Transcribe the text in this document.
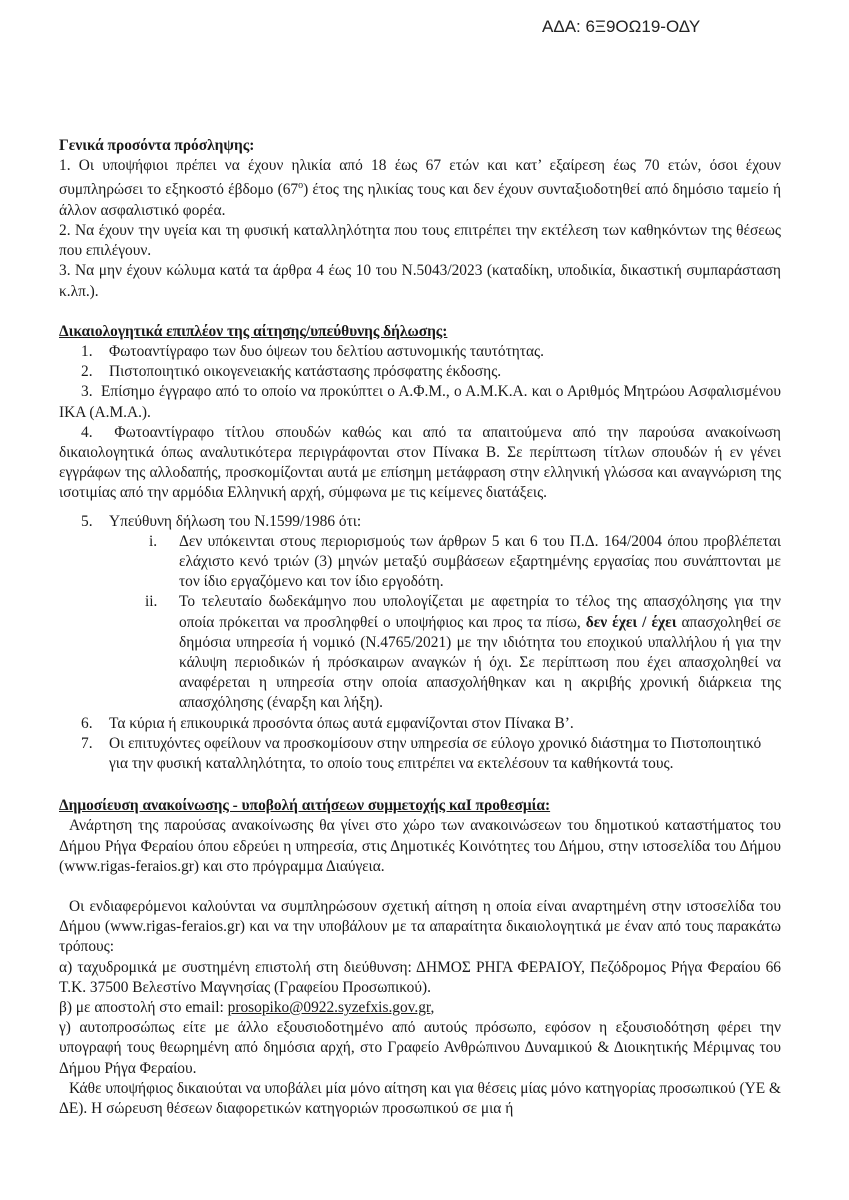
ΑΔΑ: 6Ξ9ΟΩ19-ΟΔΥ

Γενικά προσόντα πρόσληψης:

1. Οι υποψήφιοι πρέπει να έχουν ηλικία από 18 έως 67 ετών και κατ’ εξαίρεση έως 70 ετών, όσοι έχουν συμπληρώσει το εξηκοστό έβδομο $(67^o)$ έτος της ηλικίας τους και δεν έχουν συνταξιοδοτηθεί από δημόσιο ταμείο ή άλλον ασφαλιστικό φορέα.

2. Να έχουν την υγεία και τη φυσική καταλληλότητα που τους επιτρέπει την εκτέλεση των καθηκόντων της θέσεως που επιλέγουν.

3. Να μην έχουν κώλυμα κατά τα άρθρα 4 έως 10 του Ν.5043/2023 (καταδίκη, υποδικία, δικαστική συμπαράσταση κ.λπ.).

Δικαιολογητικά επιπλέον της αίτησης/υπεύθυνης δήλωσης:

1.	Φωτοαντίγραφο των δυο όψεων του δελτίου αστυνομικής ταυτότητας.
2.	Πιστοποιητικό οικογενειακής κατάστασης πρόσφατης έκδοσης.

3. Επίσημο έγγραφο από το οποίο να προκύπτει ο Α.Φ.Μ., ο Α.Μ.Κ.Α. και ο Αριθμός Μητρώου Ασφαλισμένου ΙΚΑ (Α.Μ.Α.).

4. Φωτοαντίγραφο τίτλου σπουδών καθώς και από τα απαιτούμενα από την παρούσα ανακοίνωση δικαιολογητικά όπως αναλυτικότερα περιγράφονται στον Πίνακα Β. Σε περίπτωση τίτλων σπουδών ή εν γένει εγγράφων της αλλοδαπής, προσκομίζονται αυτά με επίσημη μετάφραση στην ελληνική γλώσσα και αναγνώριση της ισοτιμίας από την αρμόδια Ελληνική αρχή, σύμφωνα με τις κείμενες διατάξεις.

5.	Υπεύθυνη δήλωση του Ν.1599/1986 ότι:
i.	Δεν υπόκεινται στους περιορισμούς των άρθρων 5 και 6 του Π.Δ. 164/2004 όπου προβλέπεται ελάχιστο κενό τριών (3) μηνών μεταξύ συμβάσεων εξαρτημένης εργασίας που συνάπτονται με τον ίδιο εργαζόμενο και τον ίδιο εργοδότη.
ii.	Το τελευταίο δωδεκάμηνο που υπολογίζεται με αφετηρία το τέλος της απασχόλησης για την οποία πρόκειται να προσληφθεί ο υποψήφιος και προς τα πίσω, δεν έχει / έχει απασχοληθεί σε δημόσια υπηρεσία ή νομικό (Ν.4765/2021) με την ιδιότητα του εποχικού υπαλλήλου ή για την κάλυψη περιοδικών ή πρόσκαιρων αναγκών ή όχι. Σε περίπτωση που έχει απασχοληθεί να αναφέρεται η υπηρεσία στην οποία απασχολήθηκαν και η ακριβής χρονική διάρκεια της απασχόλησης (έναρξη και λήξη).
6.	Τα κύρια ή επικουρικά προσόντα όπως αυτά εμφανίζονται στον Πίνακα Β’.
7.	Οι επιτυχόντες οφείλουν να προσκομίσουν στην υπηρεσία σε εύλογο χρονικό διάστημα το Πιστοποιητικό για την φυσική καταλληλότητα, το οποίο τους επιτρέπει να εκτελέσουν τα καθήκοντά τους.

Δημοσίευση ανακοίνωσης - υποβολή αιτήσεων συμμετοχής καΙ προθεσμία:

Ανάρτηση της παρούσας ανακοίνωσης θα γίνει στο χώρο των ανακοινώσεων του δημοτικού καταστήματος του Δήμου Ρήγα Φεραίου όπου εδρεύει η υπηρεσία, στις Δημοτικές Κοινότητες του Δήμου, στην ιστοσελίδα του Δήμου (www.rigas-feraios.gr) και στο πρόγραμμα Διαύγεια.

Οι ενδιαφερόμενοι καλούνται να συμπληρώσουν σχετική αίτηση η οποία είναι αναρτημένη στην ιστοσελίδα του Δήμου (www.rigas-feraios.gr) και να την υποβάλουν με τα απαραίτητα δικαιολογητικά με έναν από τους παρακάτω τρόπους:

α) ταχυδρομικά με συστημένη επιστολή στη διεύθυνση: ΔΗΜΟΣ ΡΗΓΑ ΦΕΡΑΙΟΥ, Πεζόδρομος Ρήγα Φεραίου 66 Τ.Κ. 37500 Βελεστίνο Μαγνησίας (Γραφείου Προσωπικού).

β) με αποστολή στο email: prosopiko@0922.syzefxis.gov.gr,

γ) αυτοπροσώπως είτε με άλλο εξουσιοδοτημένο από αυτούς πρόσωπο, εφόσον η εξουσιοδότηση φέρει την υπογραφή τους θεωρημένη από δημόσια αρχή, στο Γραφείο Ανθρώπινου Δυναμικού & Διοικητικής Μέριμνας του Δήμου Ρήγα Φεραίου.

Κάθε υποψήφιος δικαιούται να υποβάλει μία μόνο αίτηση και για θέσεις μίας μόνο κατηγορίας προσωπικού (ΥΕ & ΔΕ). Η σώρευση θέσεων διαφορετικών κατηγοριών προσωπικού σε μια ή
